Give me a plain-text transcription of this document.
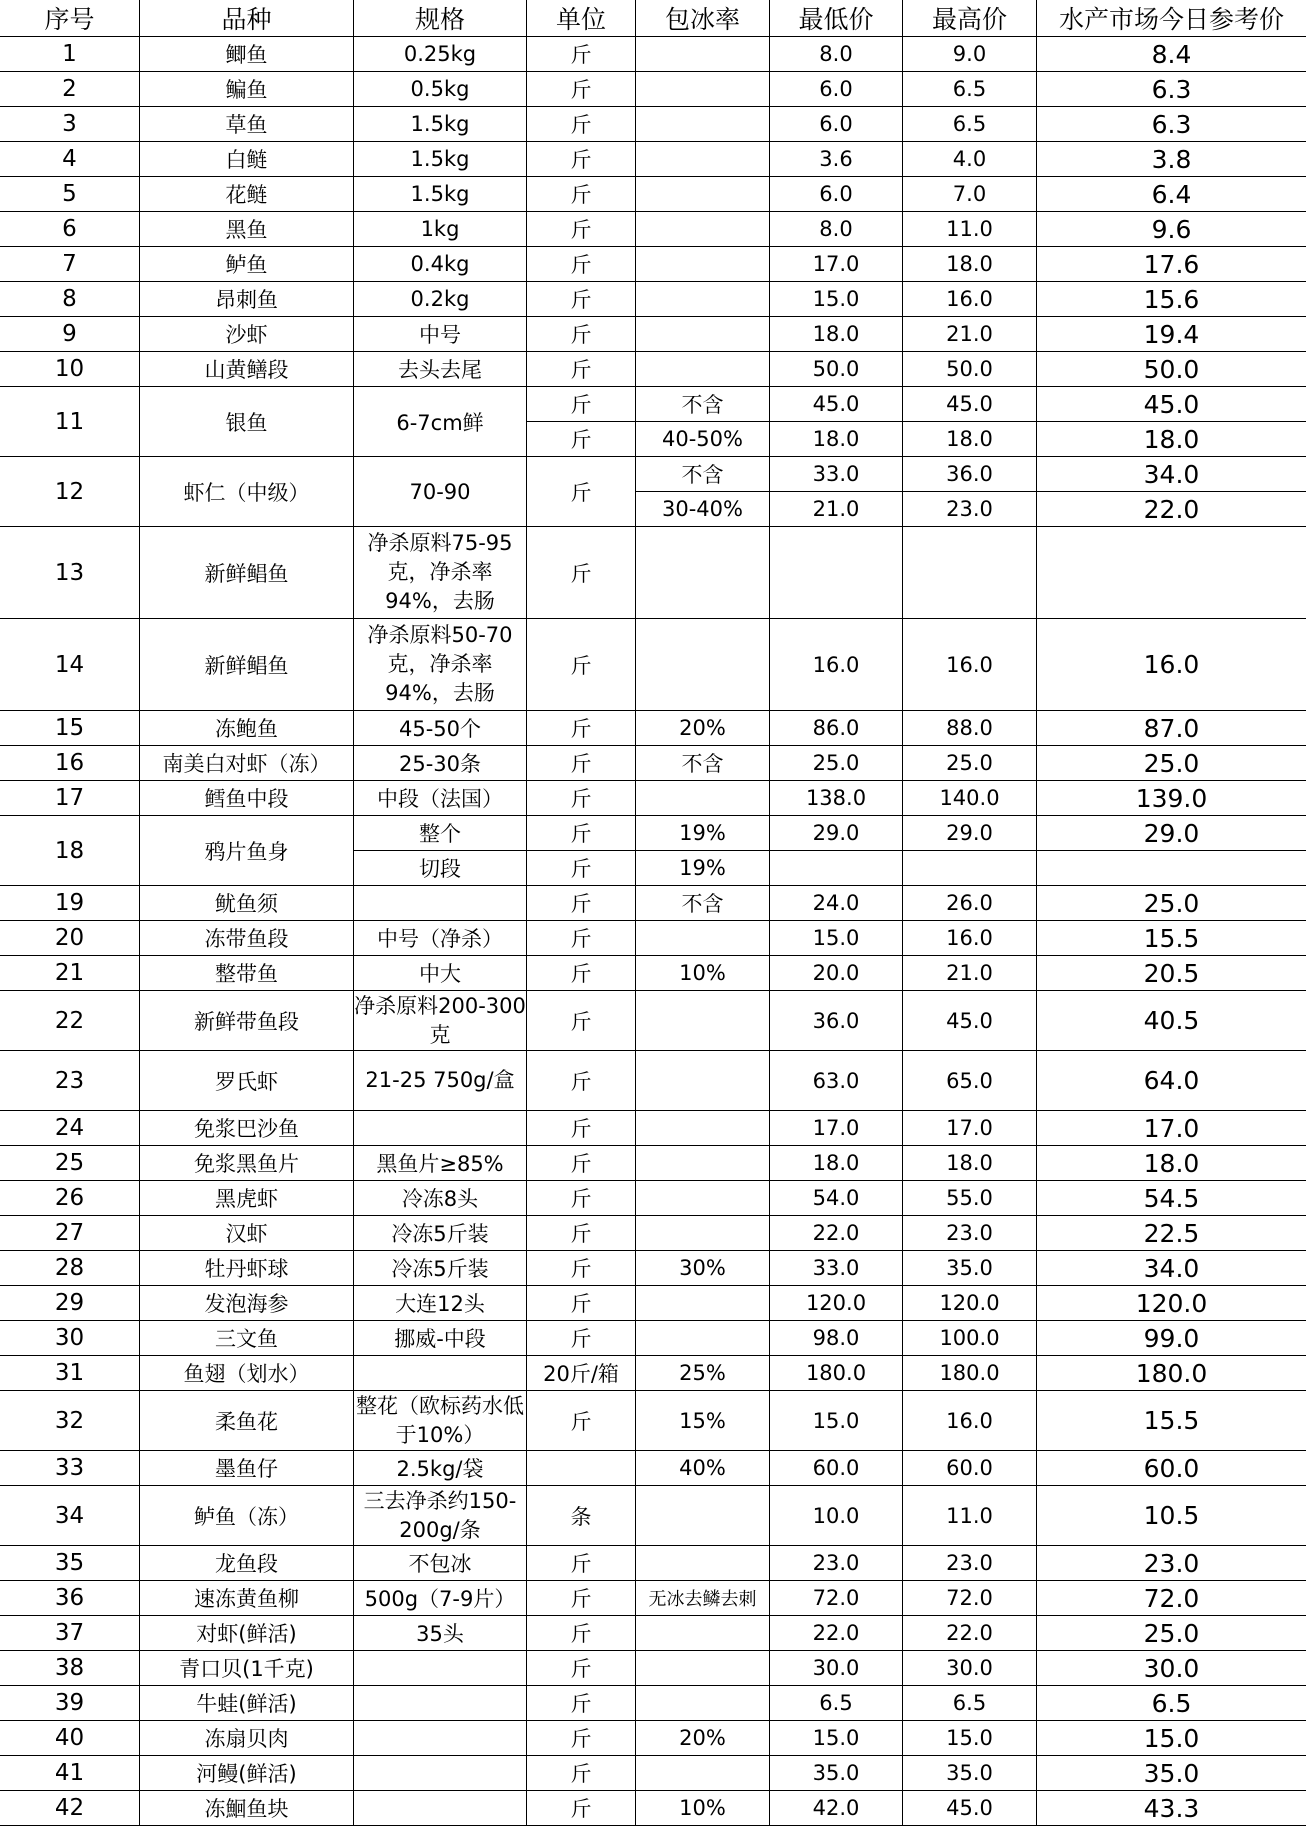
序号	品种	规格	单位	包冰率	最低价	最高价	水产市场今日参考价
1	鲫鱼	0.25kg	斤		8.0	9.0	8.4
2	鳊鱼	0.5kg	斤		6.0	6.5	6.3
3	草鱼	1.5kg	斤		6.0	6.5	6.3
4	白鲢	1.5kg	斤		3.6	4.0	3.8
5	花鲢	1.5kg	斤		6.0	7.0	6.4
6	黑鱼	1kg	斤		8.0	11.0	9.6
7	鲈鱼	0.4kg	斤		17.0	18.0	17.6
8	昂刺鱼	0.2kg	斤		15.0	16.0	15.6
9	沙虾	中号	斤		18.0	21.0	19.4
10	山黄鳝段	去头去尾	斤		50.0	50.0	50.0
11	银鱼	6-7cm鲜	斤	不含	45.0	45.0	45.0
			斤	40-50%	18.0	18.0	18.0
12	虾仁（中级）	70-90	斤	不含	33.0	36.0	34.0
				30-40%	21.0	23.0	22.0
13	新鲜鲳鱼	净杀原料75-95克，净杀率94%，去肠	斤				
14	新鲜鲳鱼	净杀原料50-70克，净杀率94%，去肠	斤		16.0	16.0	16.0
15	冻鲍鱼	45-50个	斤	20%	86.0	88.0	87.0
16	南美白对虾（冻）	25-30条	斤	不含	25.0	25.0	25.0
17	鳕鱼中段	中段（法国）	斤		138.0	140.0	139.0
18	鸦片鱼身	整个	斤	19%	29.0	29.0	29.0
		切段	斤	19%			
19	鱿鱼须		斤	不含	24.0	26.0	25.0
20	冻带鱼段	中号（净杀）	斤		15.0	16.0	15.5
21	整带鱼	中大	斤	10%	20.0	21.0	20.5
22	新鲜带鱼段	净杀原料200-300克	斤		36.0	45.0	40.5
23	罗氏虾	21-25 750g/盒	斤		63.0	65.0	64.0
24	免浆巴沙鱼		斤		17.0	17.0	17.0
25	免浆黑鱼片	黑鱼片≥85%	斤		18.0	18.0	18.0
26	黑虎虾	冷冻8头	斤		54.0	55.0	54.5
27	汉虾	冷冻5斤装	斤		22.0	23.0	22.5
28	牡丹虾球	冷冻5斤装	斤	30%	33.0	35.0	34.0
29	发泡海参	大连12头	斤		120.0	120.0	120.0
30	三文鱼	挪威-中段	斤		98.0	100.0	99.0
31	鱼翅（划水）		20斤/箱	25%	180.0	180.0	180.0
32	柔鱼花	整花（欧标药水低于10%）	斤	15%	15.0	16.0	15.5
33	墨鱼仔	2.5kg/袋		40%	60.0	60.0	60.0
34	鲈鱼（冻）	三去净杀约150-200g/条	条		10.0	11.0	10.5
35	龙鱼段	不包冰	斤		23.0	23.0	23.0
36	速冻黄鱼柳	500g（7-9片）	斤	无冰去鳞去刺	72.0	72.0	72.0
37	对虾(鲜活)	35头	斤		22.0	22.0	25.0
38	青口贝(1千克)		斤		30.0	30.0	30.0
39	牛蛙(鲜活)		斤		6.5	6.5	6.5
40	冻扇贝肉		斤	20%	15.0	15.0	15.0
41	河鳗(鲜活)		斤		35.0	35.0	35.0
42	冻鮰鱼块		斤	10%	42.0	45.0	43.3
